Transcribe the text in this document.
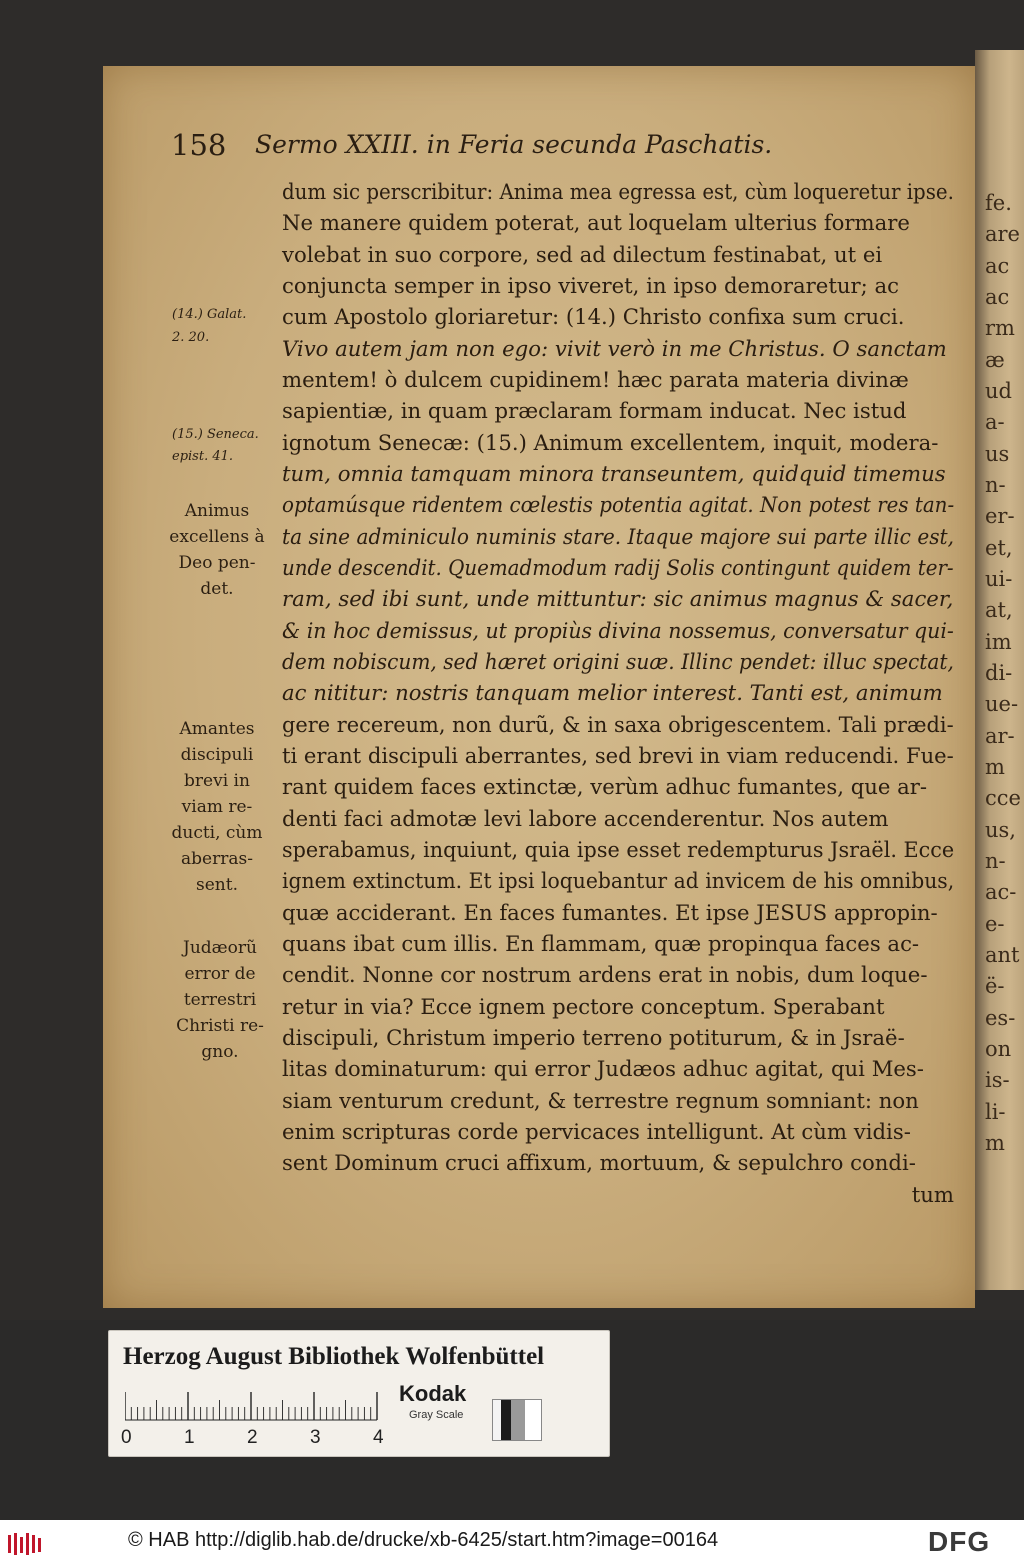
fe.
are
ac
ac
rm
æ
ud
a-
us
n-
er-
et,
ui-
at,
im
di-
ue-
ar-
m
cce
us,
n-
ac-
e-
ant
ë-
es-
on
is-
li-
m
158 Sermo XXIII. in Feria secunda Paschatis.
dum sic perscribitur: Anima mea egressa est, cùm loqueretur ipse.
Ne manere quidem poterat, aut loquelam ulterius formare
volebat in suo corpore, sed ad dilectum festinabat, ut ei
conjuncta semper in ipso viveret, in ipso demoraretur; ac
cum Apostolo gloriaretur: (14.) Christo confixa sum cruci.
Vivo autem jam non ego: vivit verò in me Christus. O sanctam
mentem! ò dulcem cupidinem! hæc parata materia divinæ
sapientiæ, in quam præclaram formam inducat. Nec istud
ignotum Senecæ: (15.) Animum excellentem, inquit, modera-
tum, omnia tamquam minora transeuntem, quidquid timemus
optamúsque ridentem cœlestis potentia agitat. Non potest res tan-
ta sine adminiculo numinis stare. Itaque majore sui parte illic est,
unde descendit. Quemadmodum radij Solis contingunt quidem ter-
ram, sed ibi sunt, unde mittuntur: sic animus magnus & sacer,
& in hoc demissus, ut propiùs divina nossemus, conversatur qui-
dem nobiscum, sed hæret origini suæ. Illinc pendet: illuc spectat,
ac nititur: nostris tanquam melior interest. Tanti est, animum
gere recereum, non durũ, & in saxa obrigescentem. Tali prædi-
ti erant discipuli aberrantes, sed brevi in viam reducendi. Fue-
rant quidem faces extinctæ, verùm adhuc fumantes, que ar-
denti faci admotæ levi labore accenderentur. Nos autem
sperabamus, inquiunt, quia ipse esset redempturus Jsraël. Ecce
ignem extinctum. Et ipsi loquebantur ad invicem de his omnibus,
quæ acciderant. En faces fumantes. Et ipse JESUS appropin-
quans ibat cum illis. En flammam, quæ propinqua faces ac-
cendit. Nonne cor nostrum ardens erat in nobis, dum loque-
retur in via? Ecce ignem pectore conceptum. Sperabant
discipuli, Christum imperio terreno potiturum, & in Jsraë-
litas dominaturum: qui error Judæos adhuc agitat, qui Mes-
siam venturum credunt, & terrestre regnum somniant: non
enim scripturas corde pervicaces intelligunt. At cùm vidis-
sent Dominum cruci affixum, mortuum, & sepulchro condi-
tum
(14.) Galat.
2. 20.
(15.) Seneca.
epist. 41.
Animus
excellens à
Deo pen-
det.
Amantes
discipuli
brevi in
viam re-
ducti, cùm
aberras-
sent.
Judæorũ
error de
terrestri
Christi re-
gno.
Herzog August Bibliothek Wolfenbüttel
0	1	2	3	4
Kodak
Gray Scale
© HAB http://diglib.hab.de/drucke/xb-6425/start.htm?image=00164	DFG
